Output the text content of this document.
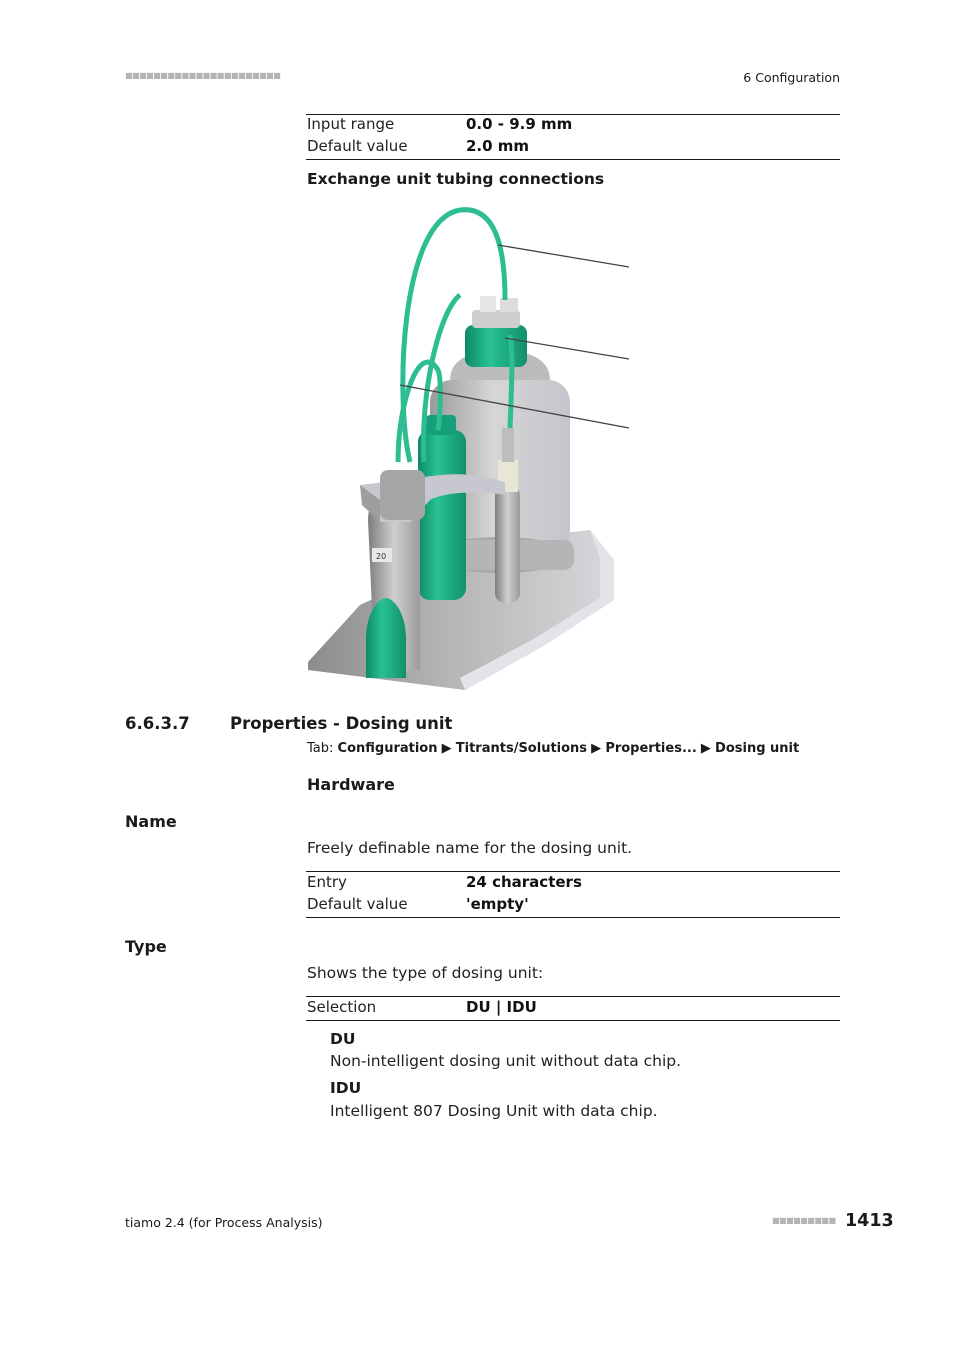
■■■■■■■■■■■■■■■■■■■■■■	6 Configuration
Input range	0.0 - 9.9 mm
Default value	2.0 mm
Exchange unit tubing connections
20
6.6.3.7 Properties - Dosing unit
Tab: Configuration ▶ Titrants/Solutions ▶ Properties... ▶ Dosing unit
Hardware
Name
Freely definable name for the dosing unit.
Entry	24 characters
Default value	'empty'
Type
Shows the type of dosing unit:
Selection	DU | IDU
DU
Non-intelligent dosing unit without data chip.
IDU
Intelligent 807 Dosing Unit with data chip.
tiamo 2.4 (for Process Analysis)	■■■■■■■■■ 1413
